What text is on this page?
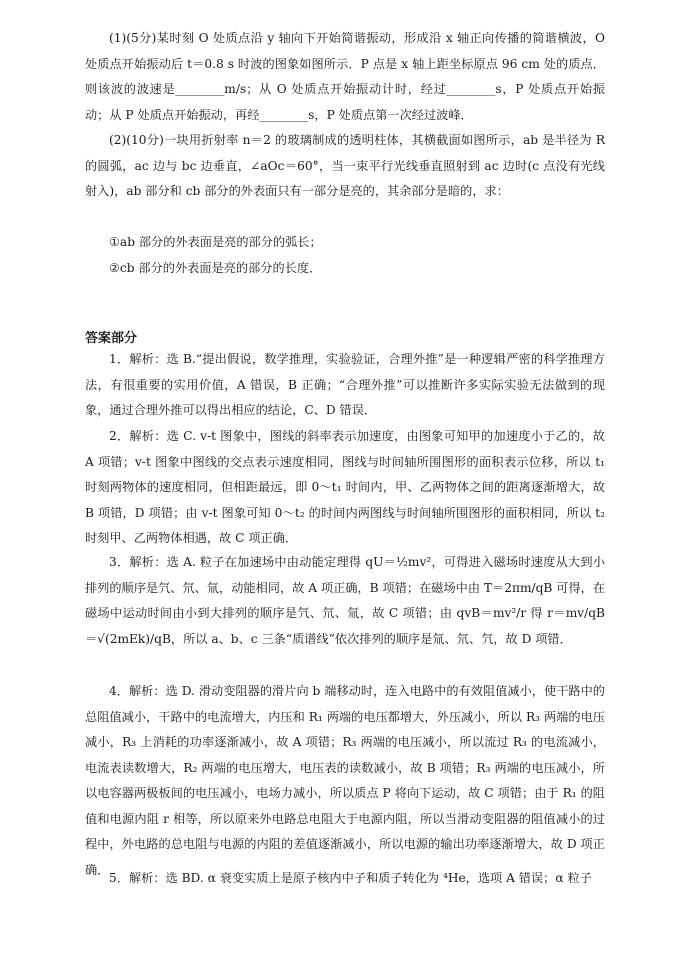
(1)(5分)某时刻 O 处质点沿 y 轴向下开始简谐振动，形成沿 x 轴正向传播的简谐横波，O 处质点开始振动后 t＝0.8 s 时波的图象如图所示．P 点是 x 轴上距坐标原点 96 cm 处的质点．则该波的波速是________m/s；从 O 处质点开始振动计时，经过________s，P 处质点开始振动；从 P 处质点开始振动，再经________s，P 处质点第一次经过波峰．
(2)(10分)一块用折射率 n＝2 的玻璃制成的透明柱体，其横截面如图所示，ab 是半径为 R 的圆弧，ac 边与 bc 边垂直，∠aOc＝60°，当一束平行光线垂直照射到 ac 边时(c 点没有光线射入)，ab 部分和 cb 部分的外表面只有一部分是亮的，其余部分是暗的，求：
①ab 部分的外表面是亮的部分的弧长；
②cb 部分的外表面是亮的部分的长度．
答案部分
1．解析：选 B.“提出假说，数学推理，实验验证，合理外推”是一种逻辑严密的科学推理方法，有很重要的实用价值，A 错误，B 正确；“合理外推”可以推断许多实际实验无法做到的现象，通过合理外推可以得出相应的结论，C、D 错误．
2．解析：选 C. v-t 图象中，图线的斜率表示加速度，由图象可知甲的加速度小于乙的，故 A 项错；v-t 图象中图线的交点表示速度相同，图线与时间轴所围图形的面积表示位移，所以 t₁ 时刻两物体的速度相同，但相距最远，即 0～t₁ 时间内，甲、乙两物体之间的距离逐渐增大，故 B 项错，D 项错；由 v-t 图象可知 0～t₂ 的时间内两图线与时间轴所围图形的面积相同，所以 t₂ 时刻甲、乙两物体相遇，故 C 项正确．
3．解析：选 A. 粒子在加速场中由动能定理得 qU＝½mv²，可得进入磁场时速度从大到小排列的顺序是氕、氘、氚，动能相同，故 A 项正确，B 项错；在磁场中由 T＝2πm/qB 可得，在磁场中运动时间由小到大排列的顺序是氕、氘、氚，故 C 项错；由 qvB＝mv²/r 得 r＝mv/qB＝√(2mEk)/qB，所以 a、b、c 三条“质谱线”依次排列的顺序是氚、氘、氕，故 D 项错．
4．解析：选 D. 滑动变阻器的滑片向 b 端移动时，连入电路中的有效阻值减小，使干路中的总阻值减小，干路中的电流增大，内压和 R₁ 两端的电压都增大，外压减小，所以 R₃ 两端的电压减小，R₃ 上消耗的功率逐渐减小，故 A 项错；R₃ 两端的电压减小，所以流过 R₃ 的电流减小，电流表读数增大，R₂ 两端的电压增大，电压表的读数减小，故 B 项错；R₃ 两端的电压减小，所以电容器两极板间的电压减小，电场力减小，所以质点 P 将向下运动，故 C 项错；由于 R₁ 的阻值和电源内阻 r 相等，所以原来外电路总电阻大于电源内阻，所以当滑动变阻器的阻值减小的过程中，外电路的总电阻与电源的内阻的差值逐渐减小，所以电源的输出功率逐渐增大，故 D 项正确．
5．解析：选 BD. α 衰变实质上是原子核内中子和质子转化为 ⁴He，选项 A 错误；α 粒子
